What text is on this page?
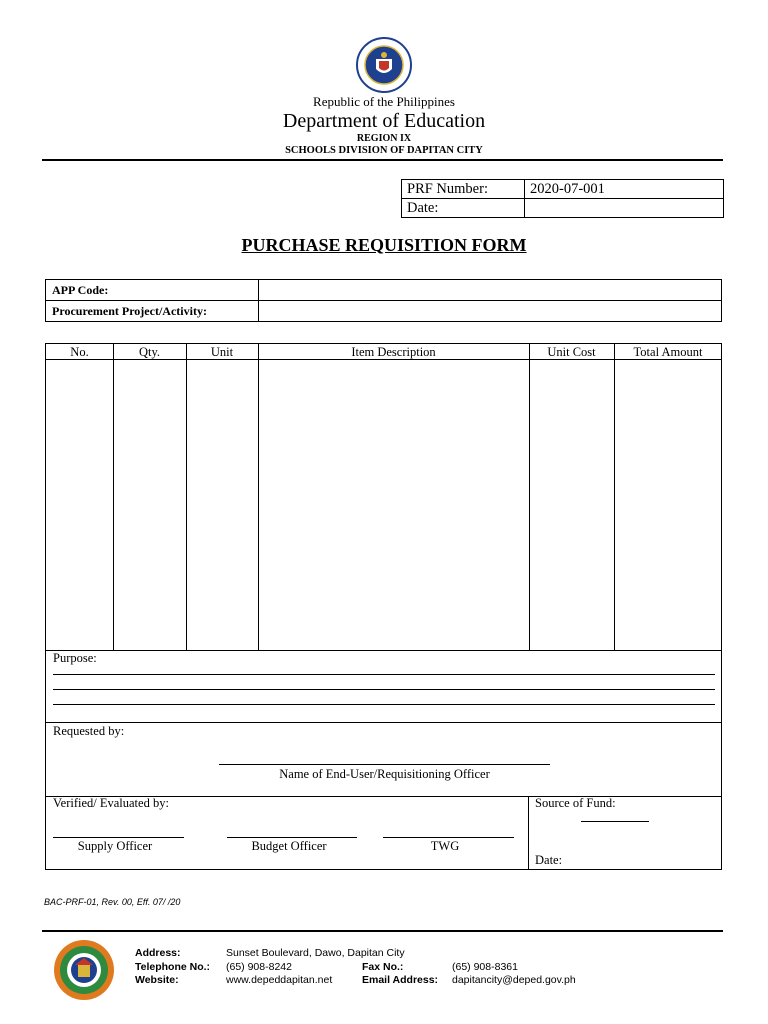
Republic of the Philippines
Department of Education
REGION IX
SCHOOLS DIVISION OF DAPITAN CITY
PRF Number:	2020-07-001
Date:	
PURCHASE REQUISITION FORM
APP Code:	
Procurement Project/Activity:	
No.	Qty.	Unit	Item Description	Unit Cost	Total Amount
Purpose:
Requested by:
Name of End-User/Requisitioning Officer
Verified/ Evaluated by:
Supply Officer	Budget Officer	TWG
Source of Fund:
Date:
BAC-PRF-01, Rev. 00, Eff. 07/ /20
Address:	Sunset Boulevard, Dawo, Dapitan City
Telephone No.: (65) 908-8242	Fax No.:	(65) 908-8361
Website:	www.depeddapitan.net	Email Address: dapitancity@deped.gov.ph
